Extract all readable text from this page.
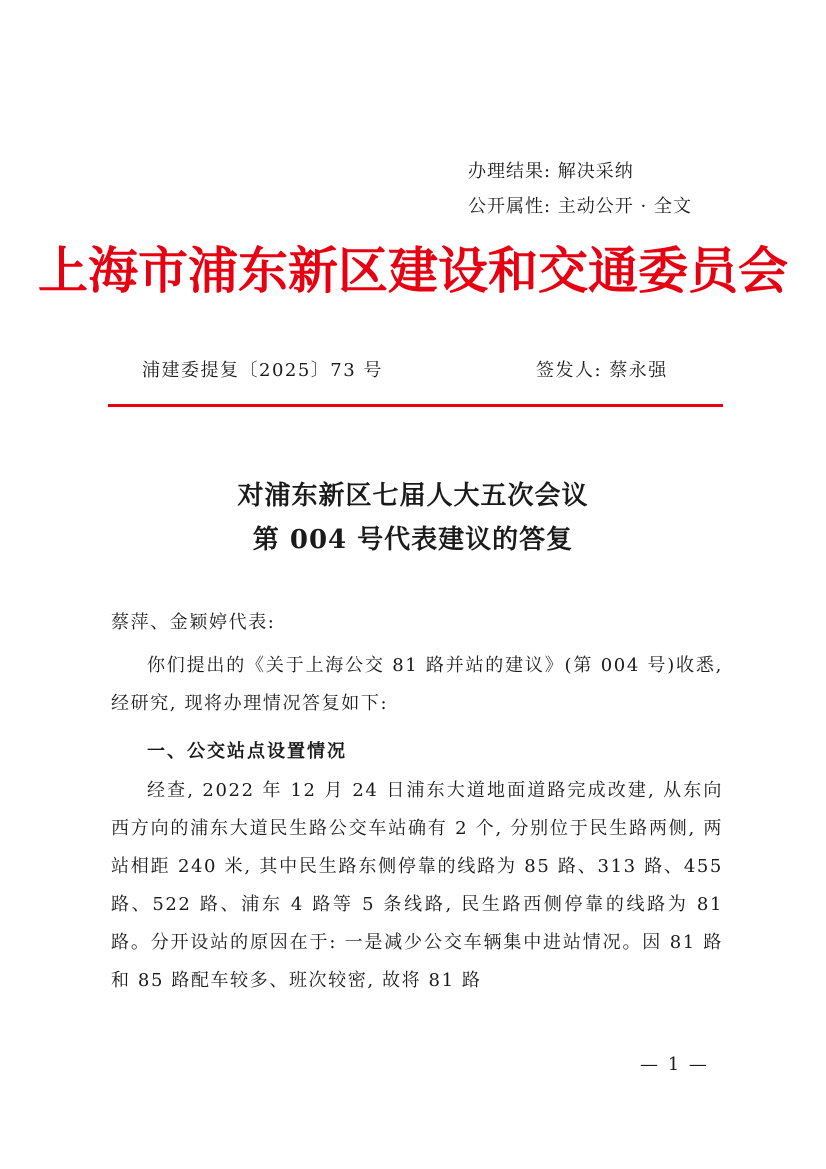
办理结果: 解决采纳
公开属性: 主动公开 · 全文
上海市浦东新区建设和交通委员会
浦建委提复〔2025〕73 号	签发人: 蔡永强
对浦东新区七届人大五次会议
第 004 号代表建议的答复
蔡萍、金颖婷代表:
你们提出的《关于上海公交 81 路并站的建议》(第 004 号)收悉, 经研究, 现将办理情况答复如下:
一、公交站点设置情况
经查, 2022 年 12 月 24 日浦东大道地面道路完成改建, 从东向西方向的浦东大道民生路公交车站确有 2 个, 分别位于民生路两侧, 两站相距 240 米, 其中民生路东侧停靠的线路为 85 路、313 路、455 路、522 路、浦东 4 路等 5 条线路, 民生路西侧停靠的线路为 81 路。分开设站的原因在于: 一是减少公交车辆集中进站情况。因 81 路和 85 路配车较多、班次较密, 故将 81 路
— 1 —
